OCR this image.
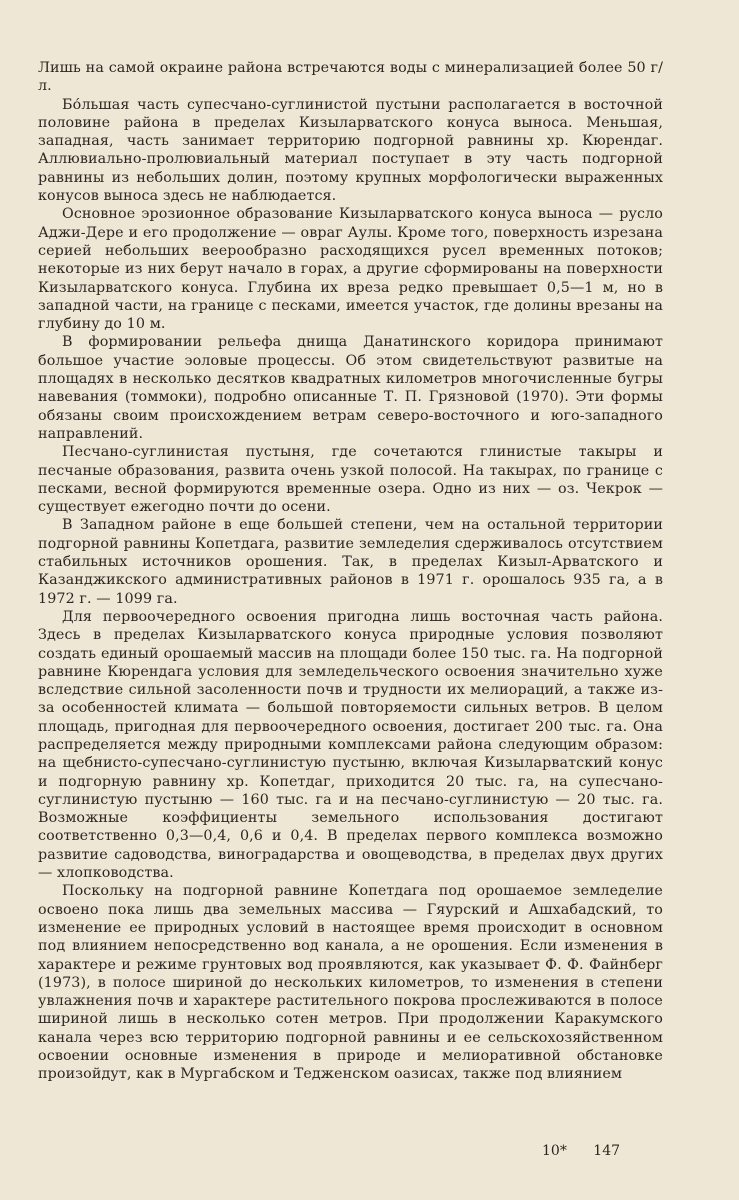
Лишь на самой окраине района встречаются воды с минерализацией более 50 г/л.

Бо́льшая часть супесчано-суглинистой пустыни располагается в восточной половине района в пределах Кизыларватского конуса выноса. Меньшая, западная, часть занимает территорию подгорной равнины хр. Кюрендаг. Аллювиально-пролювиальный материал поступает в эту часть подгорной равнины из небольших долин, поэтому крупных морфологически выраженных конусов выноса здесь не наблюдается.

Основное эрозионное образование Кизыларватского конуса выноса — русло Аджи-Дере и его продолжение — овраг Аулы. Кроме того, поверхность изрезана серией небольших веерообразно расходящихся русел временных потоков; некоторые из них берут начало в горах, а другие сформированы на поверхности Кизыларватского конуса. Глубина их вреза редко превышает 0,5—1 м, но в западной части, на границе с песками, имеется участок, где долины врезаны на глубину до 10 м.

В формировании рельефа днища Данатинского коридора принимают большое участие эоловые процессы. Об этом свидетельствуют развитые на площадях в несколько десятков квадратных километров многочисленные бугры навевания (томмоки), подробно описанные Т. П. Грязновой (1970). Эти формы обязаны своим происхождением ветрам северо-восточного и юго-западного направлений.

Песчано-суглинистая пустыня, где сочетаются глинистые такыры и песчаные образования, развита очень узкой полосой. На такырах, по границе с песками, весной формируются временные озера. Одно из них — оз. Чекрок — существует ежегодно почти до осени.

В Западном районе в еще большей степени, чем на остальной территории подгорной равнины Копетдага, развитие земледелия сдерживалось отсутствием стабильных источников орошения. Так, в пределах Кизыл-Арватского и Казанджикского административных районов в 1971 г. орошалось 935 га, а в 1972 г. — 1099 га.

Для первоочередного освоения пригодна лишь восточная часть района. Здесь в пределах Кизыларватского конуса природные условия позволяют создать единый орошаемый массив на площади более 150 тыс. га. На подгорной равнине Кюрендага условия для земледельческого освоения значительно хуже вследствие сильной засоленности почв и трудности их мелиораций, а также из-за особенностей климата — большой повторяемости сильных ветров. В целом площадь, пригодная для первоочередного освоения, достигает 200 тыс. га. Она распределяется между природными комплексами района следующим образом: на щебнисто-супесчано-суглинистую пустыню, включая Кизыларватский конус и подгорную равнину хр. Копетдаг, приходится 20 тыс. га, на супесчано-суглинистую пустыню — 160 тыс. га и на песчано-суглинистую — 20 тыс. га. Возможные коэффициенты земельного использования достигают соответственно 0,3—0,4, 0,6 и 0,4. В пределах первого комплекса возможно развитие садоводства, виноградарства и овощеводства, в пределах двух других — хлопководства.

Поскольку на подгорной равнине Копетдага под орошаемое земледелие освоено пока лишь два земельных массива — Гяурский и Ашхабадский, то изменение ее природных условий в настоящее время происходит в основном под влиянием непосредственно вод канала, а не орошения. Если изменения в характере и режиме грунтовых вод проявляются, как указывает Ф. Ф. Файнберг (1973), в полосе шириной до нескольких километров, то изменения в степени увлажнения почв и характере растительного покрова прослеживаются в полосе шириной лишь в несколько сотен метров. При продолжении Каракумского канала через всю территорию подгорной равнины и ее сельскохозяйственном освоении основные изменения в природе и мелиоративной обстановке произойдут, как в Мургабском и Тедженском оазисах, также под влиянием

10* 147
